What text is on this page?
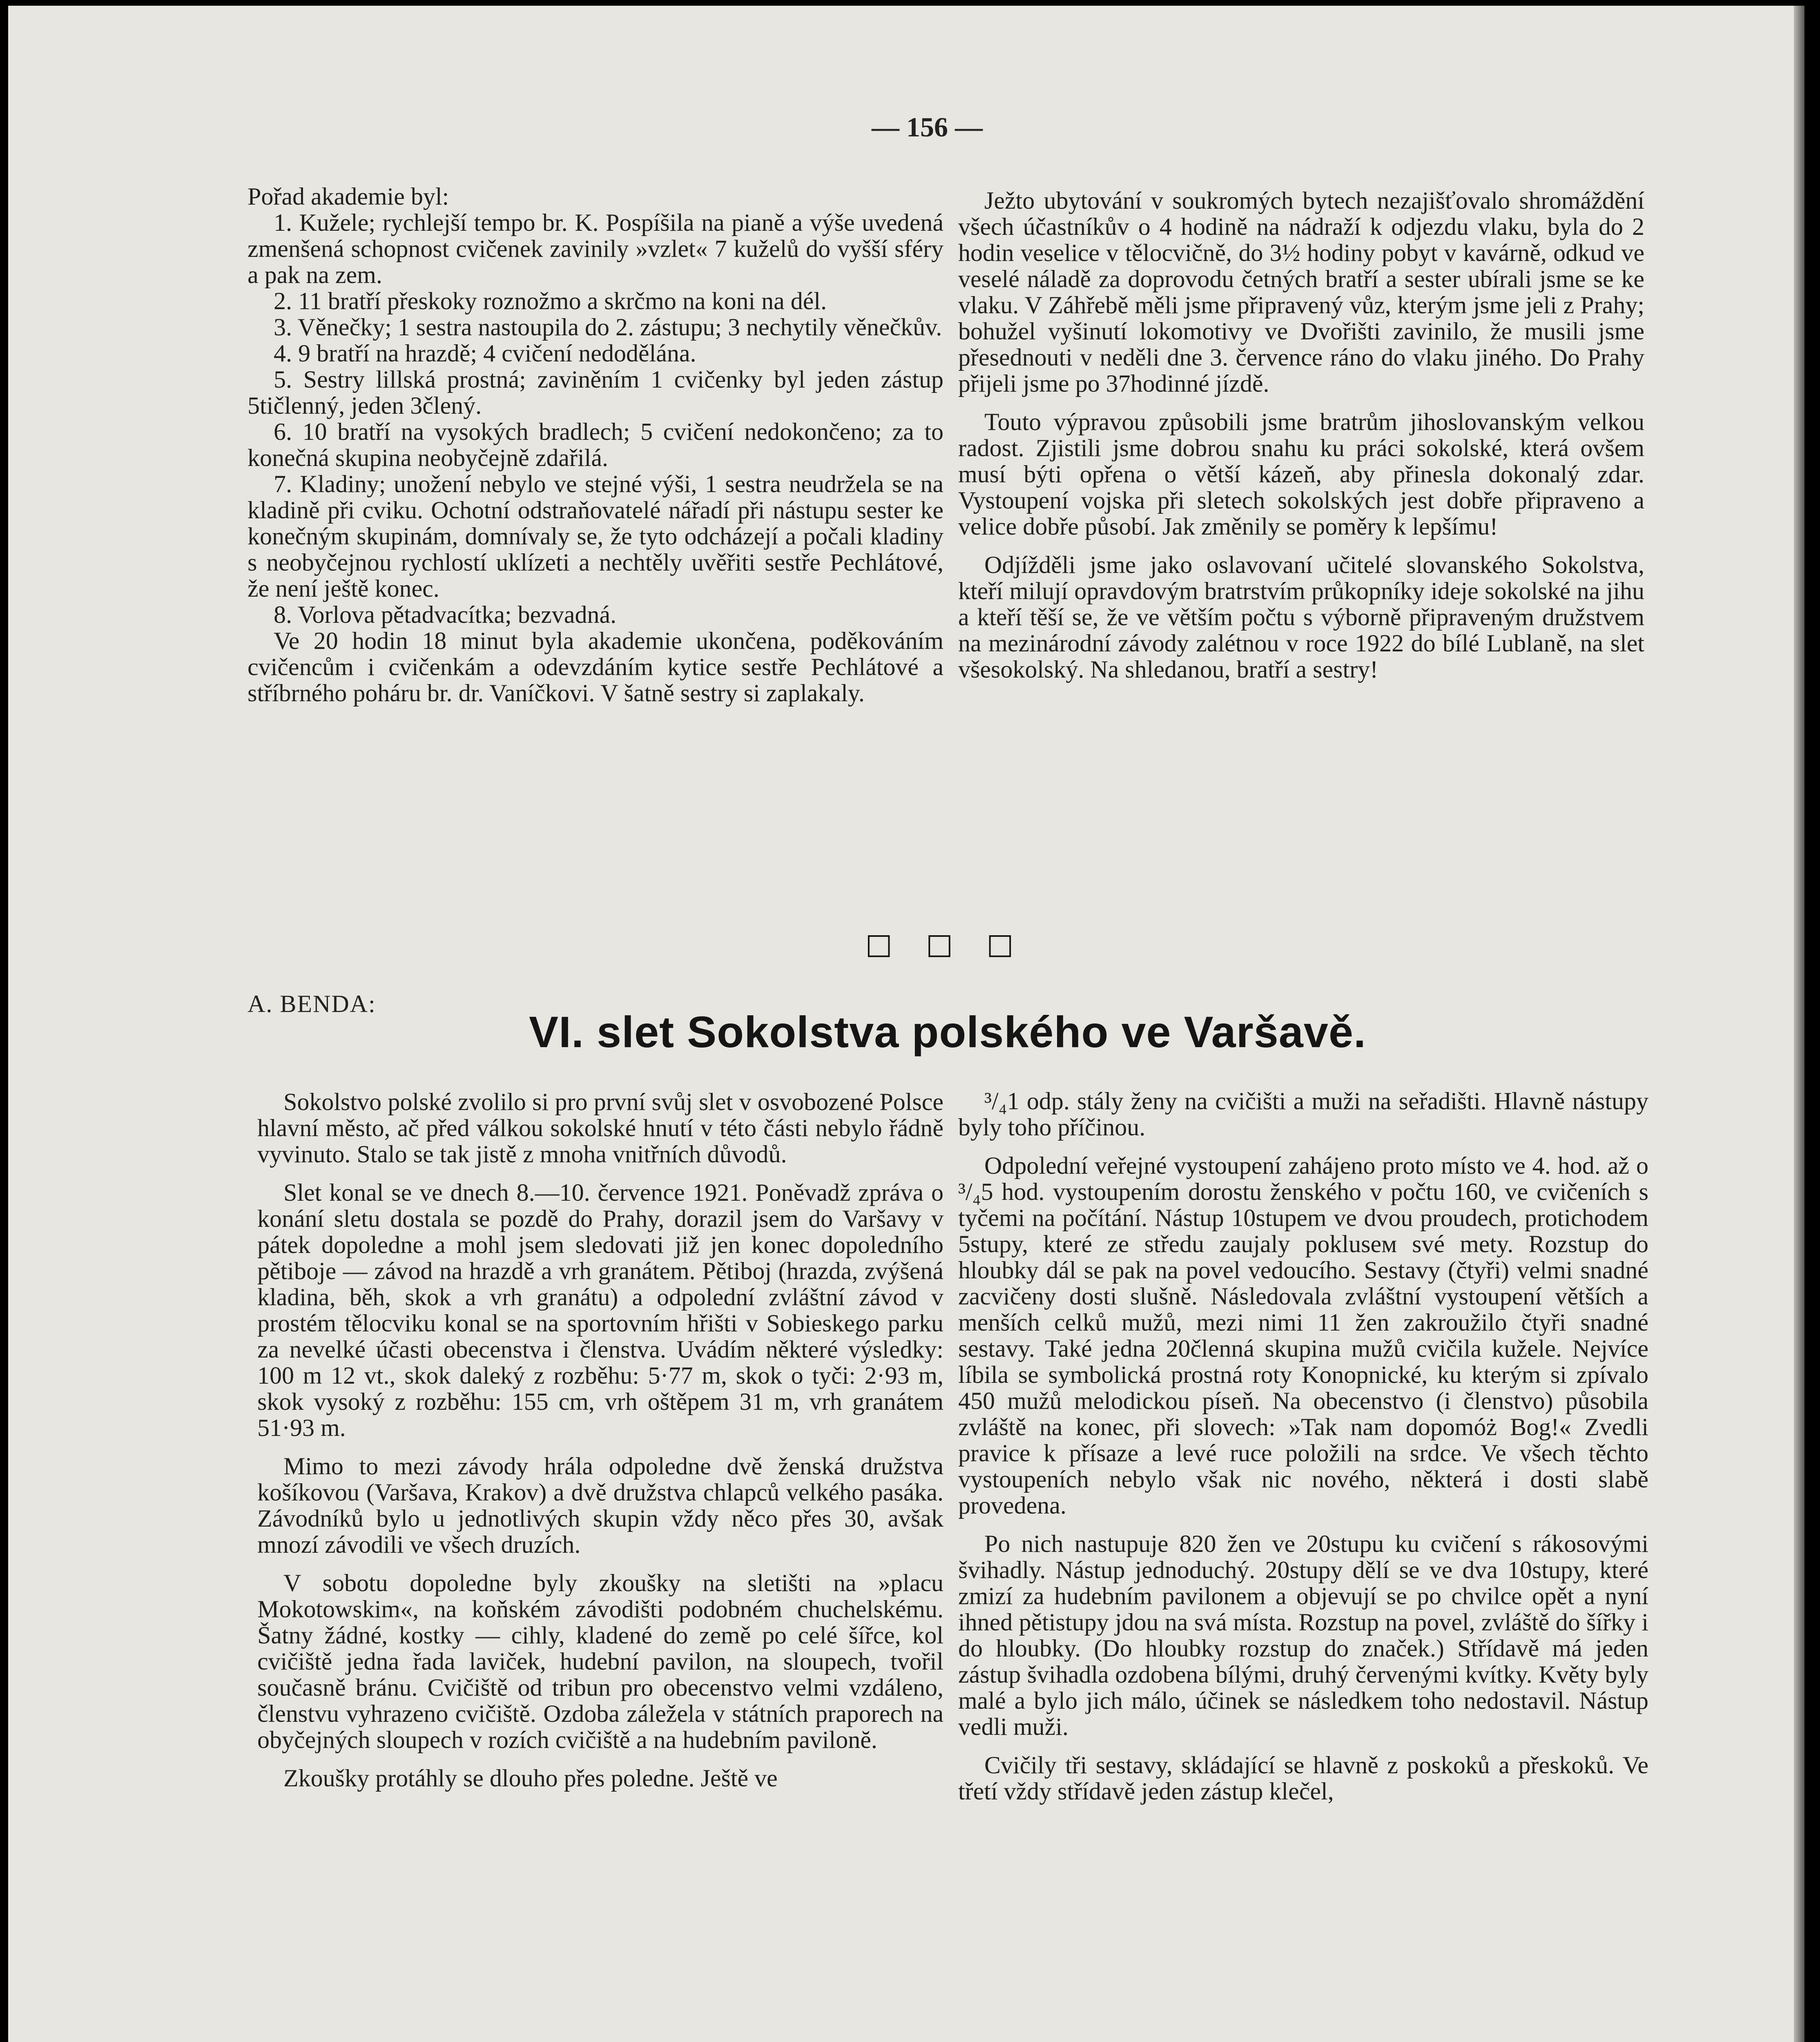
— 156 —

Pořad akademie byl:

1. Kužele; rychlejší tempo br. K. Pospíšila na pianě a výše uvedená zmenšená schopnost cvičenek zavinily »vzlet« 7 kuželů do vyšší sféry a pak na zem.
2. 11 bratří přeskoky roznožmo a skrčmo na koni na dél.
3. Věnečky; 1 sestra nastoupila do 2. zástupu; 3 nechytily věnečkův.
4. 9 bratří na hrazdě; 4 cvičení nedodělána.
5. Sestry lillská prostná; zaviněním 1 cvičenky byl jeden zástup 5tičlenný, jeden 3člený.
6. 10 bratří na vysokých bradlech; 5 cvičení nedokončeno; za to konečná skupina neobyčejně zdařilá.
7. Kladiny; unožení nebylo ve stejné výši, 1 sestra neudržela se na kladině při cviku. Ochotní odstraňovatelé nářadí při nástupu sester ke konečným skupinám, domnívaly se, že tyto odcházejí a počali kladiny s neobyčejnou rychlostí uklízeti a nechtěly uvěřiti sestře Pechlátové, že není ještě konec.
8. Vorlova pětadvacítka; bezvadná.

Ve 20 hodin 18 minut byla akademie ukončena, poděkováním cvičencům i cvičenkám a odevzdáním kytice sestře Pechlátové a stříbrného poháru br. dr. Vaníčkovi. V šatně sestry si zaplakaly.

Ježto ubytování v soukromých bytech nezajišťovalo shromáždění všech účastníkův o 4 hodině na nádraží k odjezdu vlaku, byla do 2 hodin veselice v tělocvičně, do 3½ hodiny pobyt v kavárně, odkud ve veselé náladě za doprovodu četných bratří a sester ubírali jsme se ke vlaku. V Záhřebě měli jsme připravený vůz, kterým jsme jeli z Prahy; bohužel vyšinutí lokomotivy ve Dvořišti zavinilo, že musili jsme přesednouti v neděli dne 3. července ráno do vlaku jiného. Do Prahy přijeli jsme po 37hodinné jízdě.

Touto výpravou způsobili jsme bratrům jihoslovanským velkou radost. Zjistili jsme dobrou snahu ku práci sokolské, která ovšem musí býti opřena o větší kázeň, aby přinesla dokonalý zdar. Vystoupení vojska při sletech sokolských jest dobře připraveno a velice dobře působí. Jak změnily se poměry k lepšímu!

Odjížděli jsme jako oslavovaní učitelé slovanského Sokolstva, kteří milují opravdovým bratrstvím průkopníky ideje sokolské na jihu a kteří těší se, že ve větším počtu s výborně připraveným družstvem na mezinárodní závody zalétnou v roce 1922 do bílé Lublaně, na slet všesokolský. Na shledanou, bratří a sestry!

□ □ □
A. BENDA:
VI. slet Sokolstva polského ve Varšavě.

Sokolstvo polské zvolilo si pro první svůj slet v osvobozené Polsce hlavní město, ač před válkou sokolské hnutí v této části nebylo řádně vyvinuto. Stalo se tak jistě z mnoha vnitřních důvodů.

Slet konal se ve dnech 8.—10. července 1921. Poněvadž zpráva o konání sletu dostala se pozdě do Prahy, dorazil jsem do Varšavy v pátek dopoledne a mohl jsem sledovati již jen konec dopoledního pětiboje — závod na hrazdě a vrh granátem. Pětiboj (hrazda, zvýšená kladina, běh, skok a vrh granátu) a odpolední zvláštní závod v prostém tělocviku konal se na sportovním hřišti v Sobieskego parku za nevelké účasti obecenstva i členstva. Uvádím některé výsledky: 100 m 12 vt., skok daleký z rozběhu: 5·77 m, skok o tyči: 2·93 m, skok vysoký z rozběhu: 155 cm, vrh oštěpem 31 m, vrh granátem 51·93 m.

Mimo to mezi závody hrála odpoledne dvě ženská družstva košíkovou (Varšava, Krakov) a dvě družstva chlapců velkého pasáka. Závodníků bylo u jednotlivých skupin vždy něco přes 30, avšak mnozí závodili ve všech druzích.

V sobotu dopoledne byly zkoušky na sletišti na »placu Mokotowskim«, na koňském závodišti podobném chuchelskému. Šatny žádné, kostky — cihly, kladené do země po celé šířce, kol cvičiště jedna řada laviček, hudební pavilon, na sloupech, tvořil současně bránu. Cvičiště od tribun pro obecenstvo velmi vzdáleno, členstvu vyhrazeno cvičiště. Ozdoba záležela v státních praporech na obyčejných sloupech v rozích cvičiště a na hudebním pavilonĕ.

Zkoušky protáhly se dlouho přes poledne. Ještě ve

³/₄1 odp. stály ženy na cvičišti a muži na seřadišti. Hlavně nástupy byly toho příčinou.

Odpolední veřejné vystoupení zahájeno proto místo ve 4. hod. až o ³/₄5 hod. vystoupením dorostu ženského v počtu 160, ve cvičeních s tyčemi na počítání. Nástup 10stupem ve dvou proudech, protichodem 5stupy, které ze středu zaujaly pokluseм své mety. Rozstup do hloubky dál se pak na povel vedoucího. Sestavy (čtyři) velmi snadné zacvičeny dosti slušně. Následovala zvláštní vystoupení větších a menších celků mužů, mezi nimi 11 žen zakroužilo čtyři snadné sestavy. Také jedna 20členná skupina mužů cvičila kužele. Nejvíce líbila se symbolická prostná roty Konopnické, ku kterým si zpívalo 450 mužů melodickou píseň. Na obecenstvo (i členstvo) působila zvláště na konec, při slovech: »Tak nam dopomóż Bog!« Zvedli pravice k přísaze a levé ruce položili na srdce. Ve všech těchto vystoupeních nebylo však nic nového, některá i dosti slabě provedena.

Po nich nastupuje 820 žen ve 20stupu ku cvičení s rákosovými švihadly. Nástup jednoduchý. 20stupy dělí se ve dva 10stupy, které zmizí za hudebním pavilonem a objevují se po chvilce opět a nyní ihned pětistupy jdou na svá místa. Rozstup na povel, zvláště do šířky i do hloubky. (Do hloubky rozstup do značek.) Střídavě má jeden zástup švihadla ozdobena bílými, druhý červenými kvítky. Květy byly malé a bylo jich málo, účinek se následkem toho nedostavil. Nástup vedli muži.

Cvičily tři sestavy, skládající se hlavně z poskoků a přeskoků. Ve třetí vždy střídavě jeden zástup klečel,
